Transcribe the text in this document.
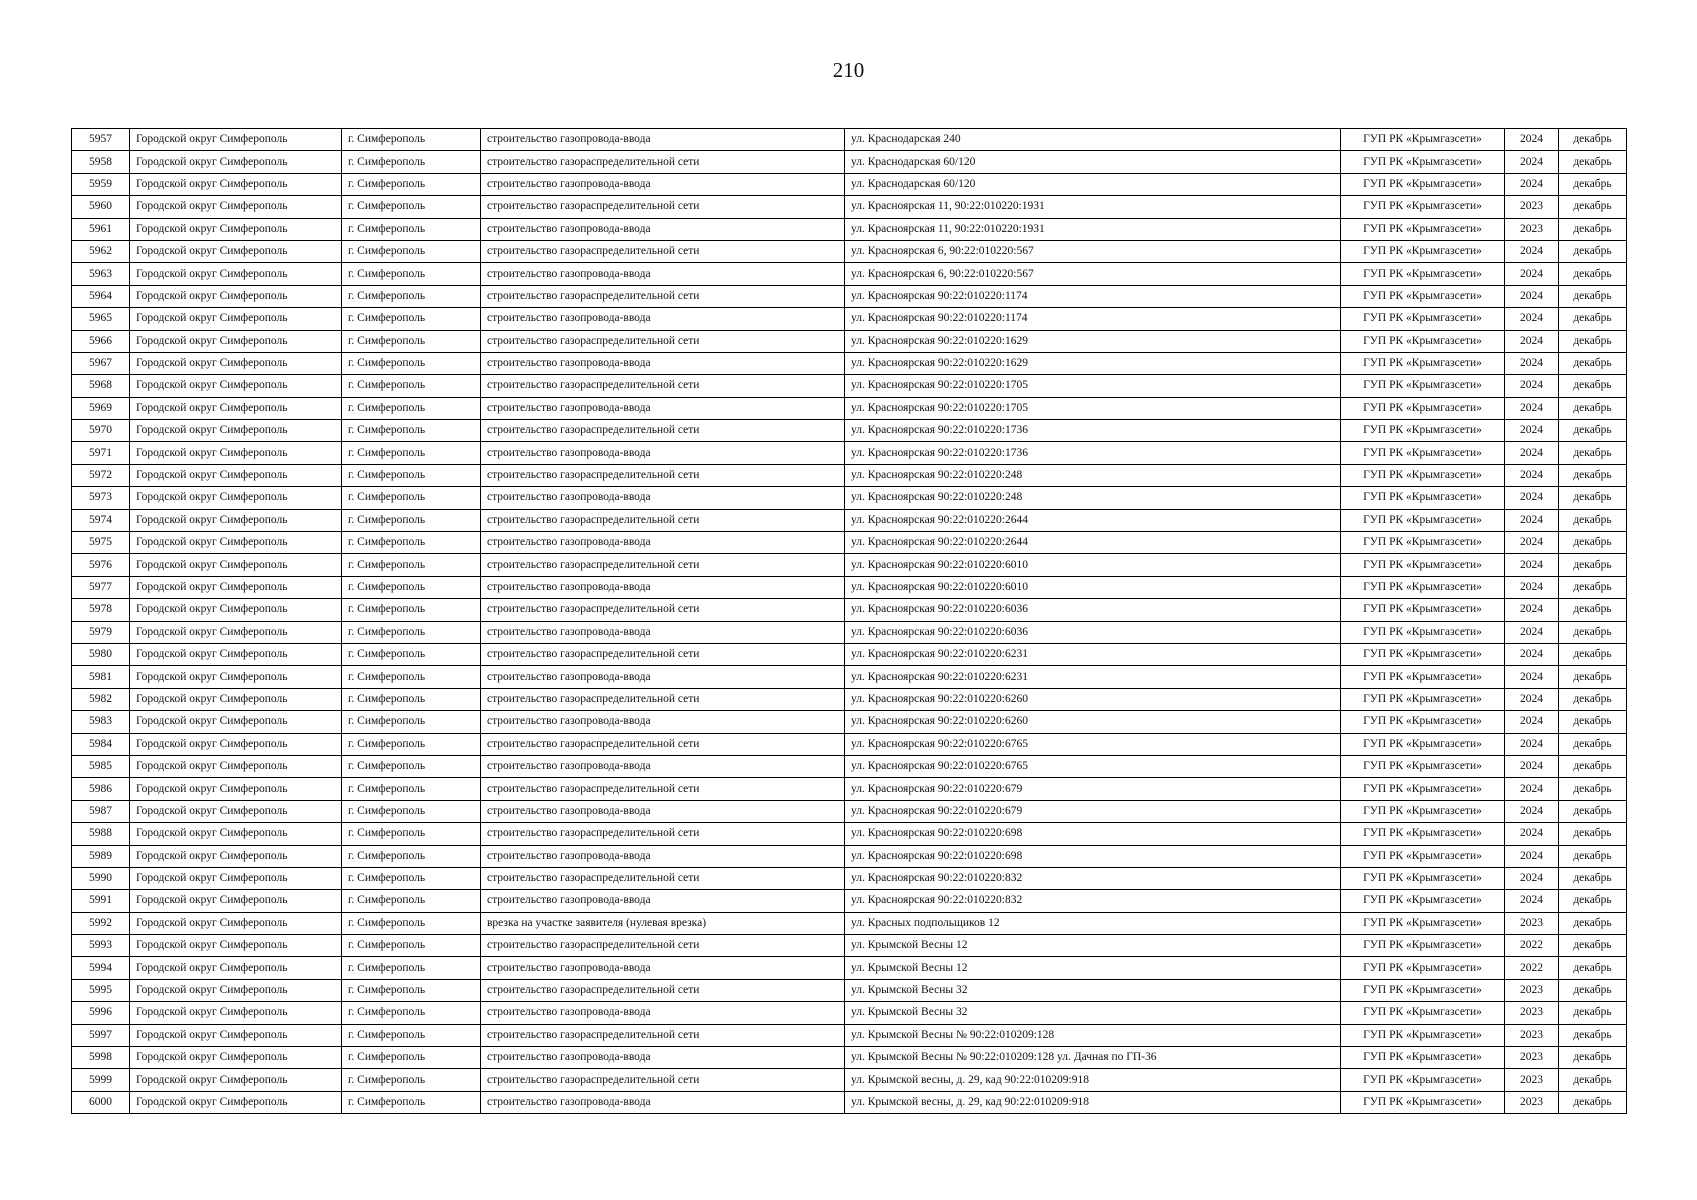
210
5957	Городской округ Симферополь	г. Симферополь	строительство газопровода-ввода	ул. Краснодарская 240	ГУП РК «Крымгазсети»	2024	декабрь
5958	Городской округ Симферополь	г. Симферополь	строительство газораспределительной сети	ул. Краснодарская 60/120	ГУП РК «Крымгазсети»	2024	декабрь
5959	Городской округ Симферополь	г. Симферополь	строительство газопровода-ввода	ул. Краснодарская 60/120	ГУП РК «Крымгазсети»	2024	декабрь
5960	Городской округ Симферополь	г. Симферополь	строительство газораспределительной сети	ул. Красноярская 11, 90:22:010220:1931	ГУП РК «Крымгазсети»	2023	декабрь
5961	Городской округ Симферополь	г. Симферополь	строительство газопровода-ввода	ул. Красноярская 11, 90:22:010220:1931	ГУП РК «Крымгазсети»	2023	декабрь
5962	Городской округ Симферополь	г. Симферополь	строительство газораспределительной сети	ул. Красноярская 6, 90:22:010220:567	ГУП РК «Крымгазсети»	2024	декабрь
5963	Городской округ Симферополь	г. Симферополь	строительство газопровода-ввода	ул. Красноярская 6, 90:22:010220:567	ГУП РК «Крымгазсети»	2024	декабрь
5964	Городской округ Симферополь	г. Симферополь	строительство газораспределительной сети	ул. Красноярская 90:22:010220:1174	ГУП РК «Крымгазсети»	2024	декабрь
5965	Городской округ Симферополь	г. Симферополь	строительство газопровода-ввода	ул. Красноярская 90:22:010220:1174	ГУП РК «Крымгазсети»	2024	декабрь
5966	Городской округ Симферополь	г. Симферополь	строительство газораспределительной сети	ул. Красноярская 90:22:010220:1629	ГУП РК «Крымгазсети»	2024	декабрь
5967	Городской округ Симферополь	г. Симферополь	строительство газопровода-ввода	ул. Красноярская 90:22:010220:1629	ГУП РК «Крымгазсети»	2024	декабрь
5968	Городской округ Симферополь	г. Симферополь	строительство газораспределительной сети	ул. Красноярская 90:22:010220:1705	ГУП РК «Крымгазсети»	2024	декабрь
5969	Городской округ Симферополь	г. Симферополь	строительство газопровода-ввода	ул. Красноярская 90:22:010220:1705	ГУП РК «Крымгазсети»	2024	декабрь
5970	Городской округ Симферополь	г. Симферополь	строительство газораспределительной сети	ул. Красноярская 90:22:010220:1736	ГУП РК «Крымгазсети»	2024	декабрь
5971	Городской округ Симферополь	г. Симферополь	строительство газопровода-ввода	ул. Красноярская 90:22:010220:1736	ГУП РК «Крымгазсети»	2024	декабрь
5972	Городской округ Симферополь	г. Симферополь	строительство газораспределительной сети	ул. Красноярская 90:22:010220:248	ГУП РК «Крымгазсети»	2024	декабрь
5973	Городской округ Симферополь	г. Симферополь	строительство газопровода-ввода	ул. Красноярская 90:22:010220:248	ГУП РК «Крымгазсети»	2024	декабрь
5974	Городской округ Симферополь	г. Симферополь	строительство газораспределительной сети	ул. Красноярская 90:22:010220:2644	ГУП РК «Крымгазсети»	2024	декабрь
5975	Городской округ Симферополь	г. Симферополь	строительство газопровода-ввода	ул. Красноярская 90:22:010220:2644	ГУП РК «Крымгазсети»	2024	декабрь
5976	Городской округ Симферополь	г. Симферополь	строительство газораспределительной сети	ул. Красноярская 90:22:010220:6010	ГУП РК «Крымгазсети»	2024	декабрь
5977	Городской округ Симферополь	г. Симферополь	строительство газопровода-ввода	ул. Красноярская 90:22:010220:6010	ГУП РК «Крымгазсети»	2024	декабрь
5978	Городской округ Симферополь	г. Симферополь	строительство газораспределительной сети	ул. Красноярская 90:22:010220:6036	ГУП РК «Крымгазсети»	2024	декабрь
5979	Городской округ Симферополь	г. Симферополь	строительство газопровода-ввода	ул. Красноярская 90:22:010220:6036	ГУП РК «Крымгазсети»	2024	декабрь
5980	Городской округ Симферополь	г. Симферополь	строительство газораспределительной сети	ул. Красноярская 90:22:010220:6231	ГУП РК «Крымгазсети»	2024	декабрь
5981	Городской округ Симферополь	г. Симферополь	строительство газопровода-ввода	ул. Красноярская 90:22:010220:6231	ГУП РК «Крымгазсети»	2024	декабрь
5982	Городской округ Симферополь	г. Симферополь	строительство газораспределительной сети	ул. Красноярская 90:22:010220:6260	ГУП РК «Крымгазсети»	2024	декабрь
5983	Городской округ Симферополь	г. Симферополь	строительство газопровода-ввода	ул. Красноярская 90:22:010220:6260	ГУП РК «Крымгазсети»	2024	декабрь
5984	Городской округ Симферополь	г. Симферополь	строительство газораспределительной сети	ул. Красноярская 90:22:010220:6765	ГУП РК «Крымгазсети»	2024	декабрь
5985	Городской округ Симферополь	г. Симферополь	строительство газопровода-ввода	ул. Красноярская 90:22:010220:6765	ГУП РК «Крымгазсети»	2024	декабрь
5986	Городской округ Симферополь	г. Симферополь	строительство газораспределительной сети	ул. Красноярская 90:22:010220:679	ГУП РК «Крымгазсети»	2024	декабрь
5987	Городской округ Симферополь	г. Симферополь	строительство газопровода-ввода	ул. Красноярская 90:22:010220:679	ГУП РК «Крымгазсети»	2024	декабрь
5988	Городской округ Симферополь	г. Симферополь	строительство газораспределительной сети	ул. Красноярская 90:22:010220:698	ГУП РК «Крымгазсети»	2024	декабрь
5989	Городской округ Симферополь	г. Симферополь	строительство газопровода-ввода	ул. Красноярская 90:22:010220:698	ГУП РК «Крымгазсети»	2024	декабрь
5990	Городской округ Симферополь	г. Симферополь	строительство газораспределительной сети	ул. Красноярская 90:22:010220:832	ГУП РК «Крымгазсети»	2024	декабрь
5991	Городской округ Симферополь	г. Симферополь	строительство газопровода-ввода	ул. Красноярская 90:22:010220:832	ГУП РК «Крымгазсети»	2024	декабрь
5992	Городской округ Симферополь	г. Симферополь	врезка на участке заявителя (нулевая врезка)	ул. Красных подпольщиков 12	ГУП РК «Крымгазсети»	2023	декабрь
5993	Городской округ Симферополь	г. Симферополь	строительство газораспределительной сети	ул. Крымской Весны 12	ГУП РК «Крымгазсети»	2022	декабрь
5994	Городской округ Симферополь	г. Симферополь	строительство газопровода-ввода	ул. Крымской Весны 12	ГУП РК «Крымгазсети»	2022	декабрь
5995	Городской округ Симферополь	г. Симферополь	строительство газораспределительной сети	ул. Крымской Весны 32	ГУП РК «Крымгазсети»	2023	декабрь
5996	Городской округ Симферополь	г. Симферополь	строительство газопровода-ввода	ул. Крымской Весны 32	ГУП РК «Крымгазсети»	2023	декабрь
5997	Городской округ Симферополь	г. Симферополь	строительство газораспределительной сети	ул. Крымской Весны № 90:22:010209:128	ГУП РК «Крымгазсети»	2023	декабрь
5998	Городской округ Симферополь	г. Симферополь	строительство газопровода-ввода	ул. Крымской Весны № 90:22:010209:128 ул. Дачная по ГП-36	ГУП РК «Крымгазсети»	2023	декабрь
5999	Городской округ Симферополь	г. Симферополь	строительство газораспределительной сети	ул. Крымской весны, д. 29, кад 90:22:010209:918	ГУП РК «Крымгазсети»	2023	декабрь
6000	Городской округ Симферополь	г. Симферополь	строительство газопровода-ввода	ул. Крымской весны, д. 29, кад 90:22:010209:918	ГУП РК «Крымгазсети»	2023	декабрь
